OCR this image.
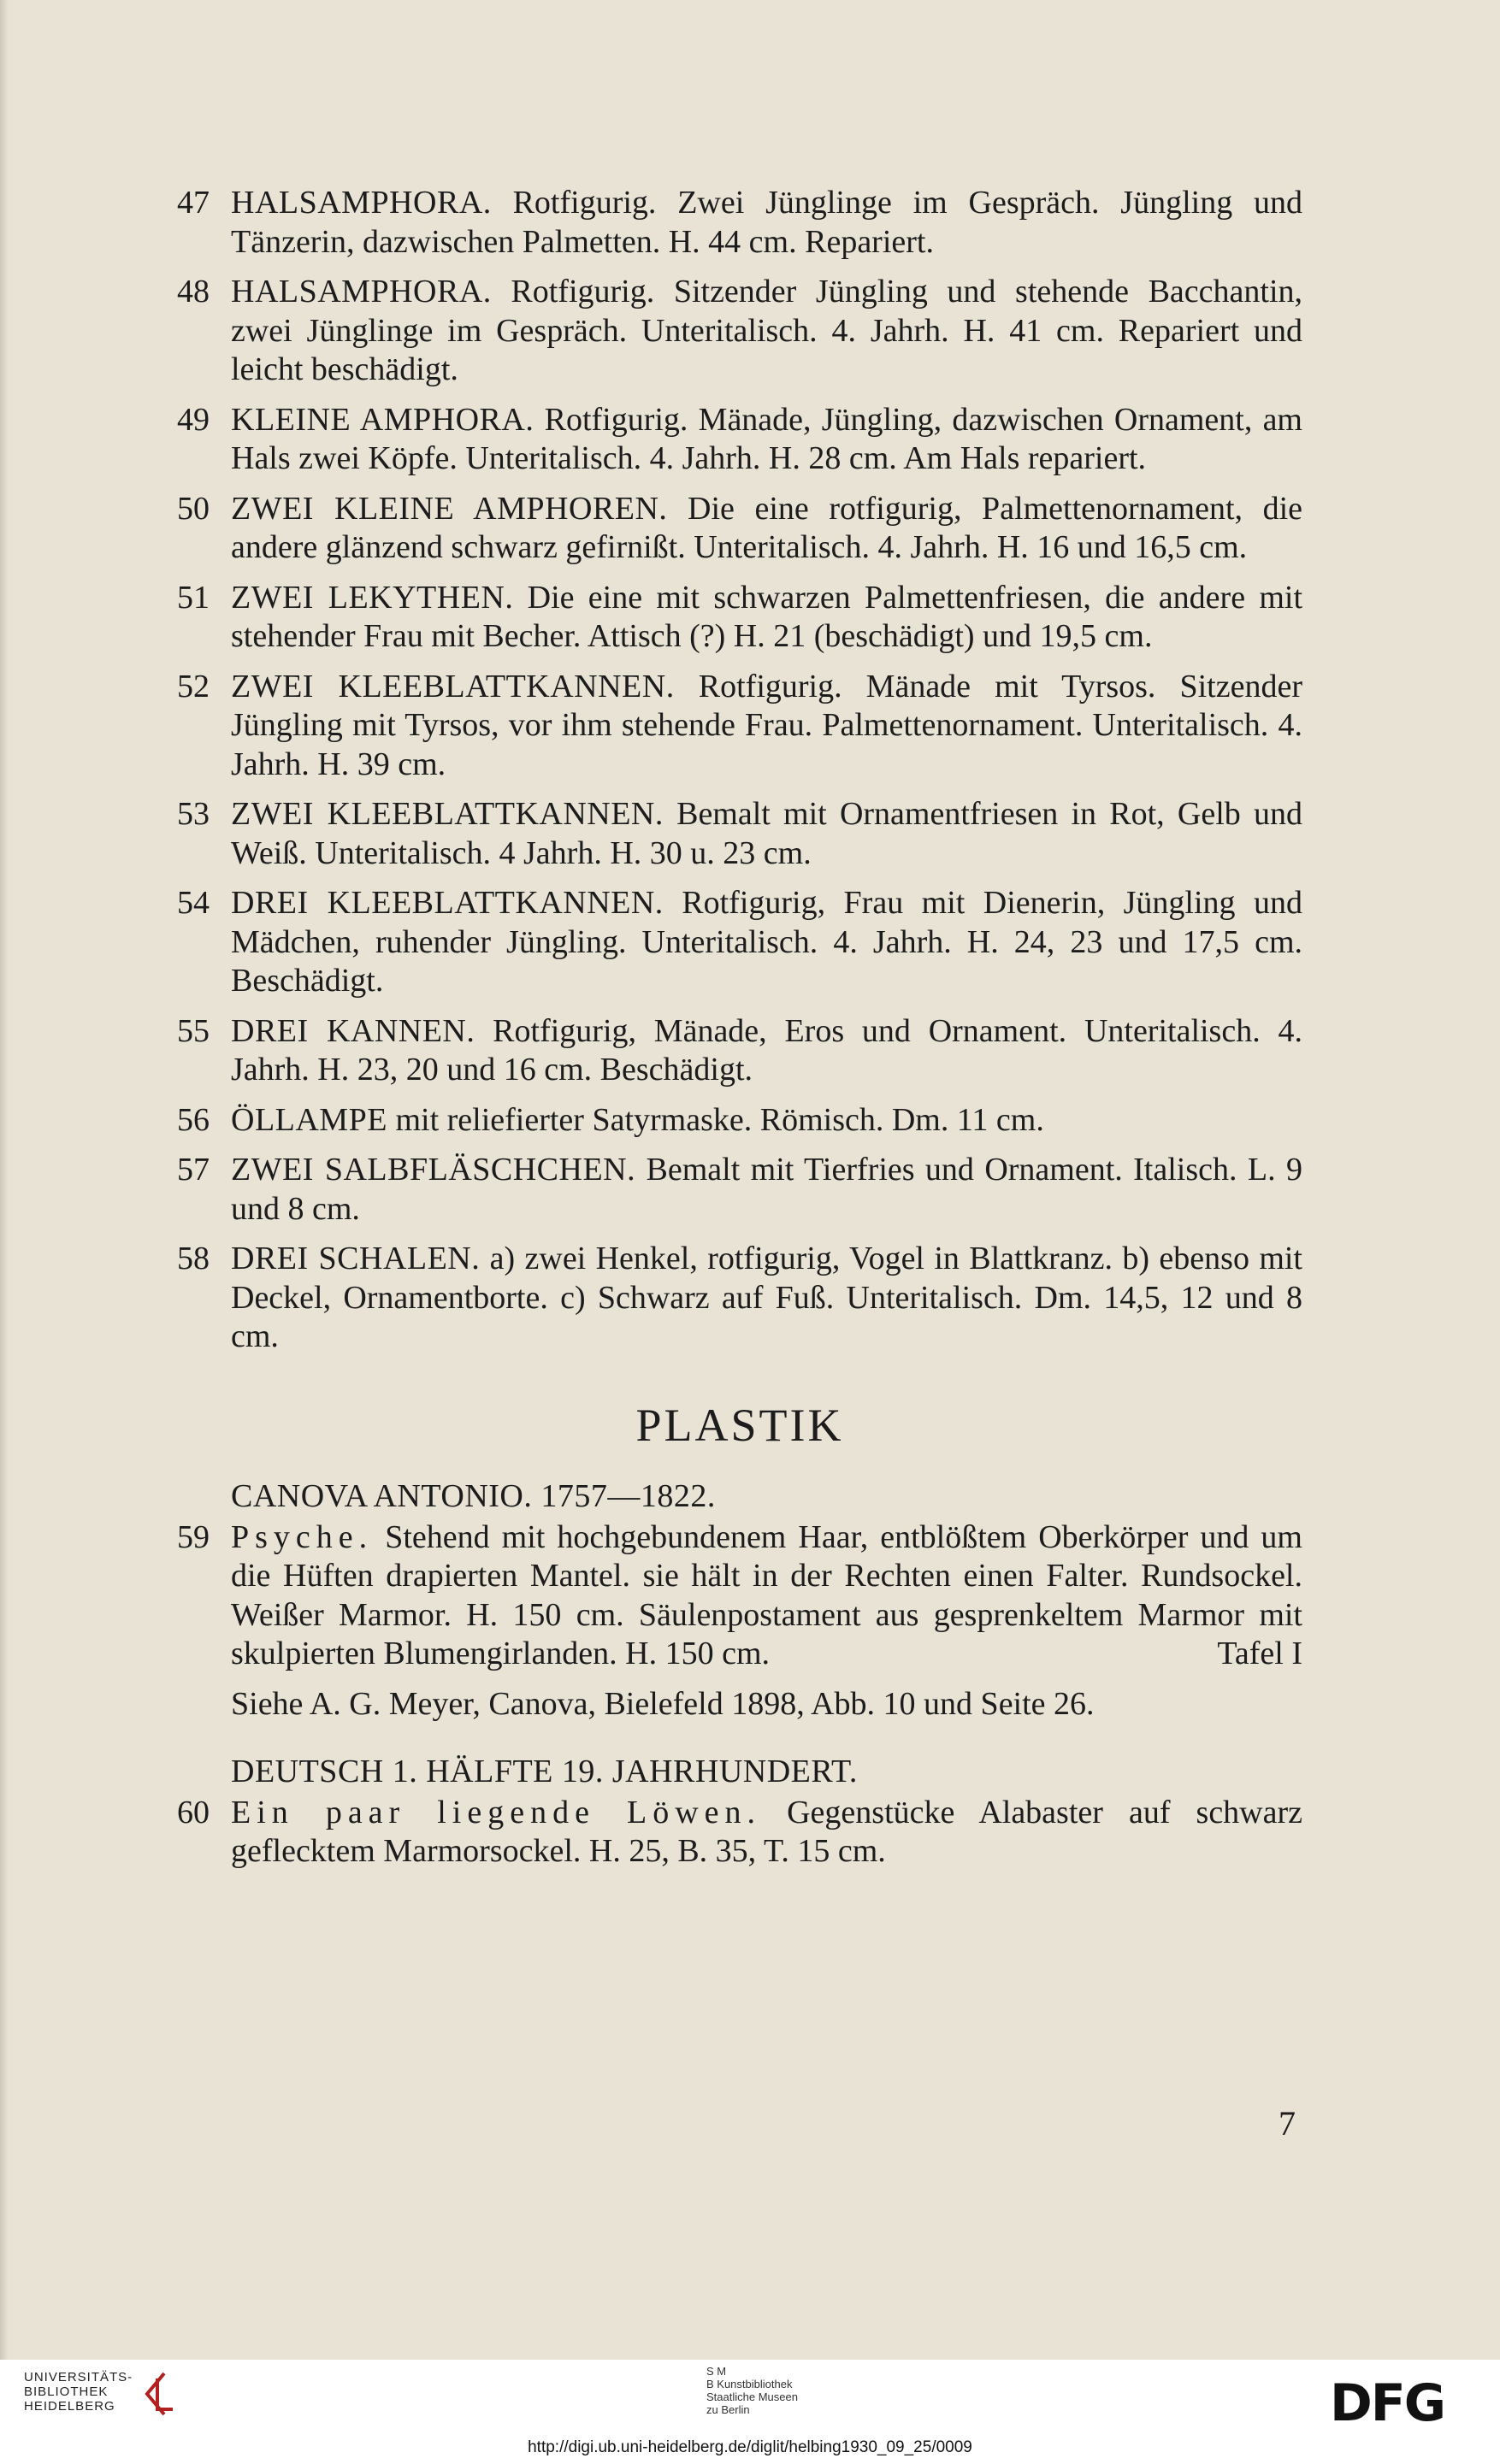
47 HALSAMPHORA. Rotfigurig. Zwei Jünglinge im Gespräch. Jüngling und Tänzerin, dazwischen Palmetten. H. 44 cm. Repariert.
48 HALSAMPHORA. Rotfigurig. Sitzender Jüngling und stehende Bacchantin, zwei Jünglinge im Gespräch. Unteritalisch. 4. Jahrh. H. 41 cm. Repariert und leicht beschädigt.
49 KLEINE AMPHORA. Rotfigurig. Mänade, Jüngling, dazwischen Ornament, am Hals zwei Köpfe. Unteritalisch. 4. Jahrh. H. 28 cm. Am Hals repariert.
50 ZWEI KLEINE AMPHOREN. Die eine rotfigurig, Palmettenornament, die andere glänzend schwarz gefirnißt. Unteritalisch. 4. Jahrh. H. 16 und 16,5 cm.
51 ZWEI LEKYTHEN. Die eine mit schwarzen Palmettenfriesen, die andere mit stehender Frau mit Becher. Attisch (?) H. 21 (beschädigt) und 19,5 cm.
52 ZWEI KLEEBLATTKANNEN. Rotfigurig. Mänade mit Tyrsos. Sitzender Jüngling mit Tyrsos, vor ihm stehende Frau. Palmettenornament. Unteritalisch. 4. Jahrh. H. 39 cm.
53 ZWEI KLEEBLATTKANNEN. Bemalt mit Ornamentfriesen in Rot, Gelb und Weiß. Unteritalisch. 4 Jahrh. H. 30 u. 23 cm.
54 DREI KLEEBLATTKANNEN. Rotfigurig, Frau mit Dienerin, Jüngling und Mädchen, ruhender Jüngling. Unteritalisch. 4. Jahrh. H. 24, 23 und 17,5 cm. Beschädigt.
55 DREI KANNEN. Rotfigurig, Mänade, Eros und Ornament. Unteritalisch. 4. Jahrh. H. 23, 20 und 16 cm. Beschädigt.
56 ÖLLAMPE mit reliefierter Satyrmaske. Römisch. Dm. 11 cm.
57 ZWEI SALBFLÄSCHCHEN. Bemalt mit Tierfries und Ornament. Italisch. L. 9 und 8 cm.
58 DREI SCHALEN. a) zwei Henkel, rotfigurig, Vogel in Blattkranz. b) ebenso mit Deckel, Ornamentborte. c) Schwarz auf Fuß. Unteritalisch. Dm. 14,5, 12 und 8 cm.
PLASTIK
CANOVA ANTONIO. 1757—1822.
59 Psyche. Stehend mit hochgebundenem Haar, entblößtem Oberkörper und um die Hüften drapierten Mantel. sie hält in der Rechten einen Falter. Rundsockel. Weißer Marmor. H. 150 cm. Säulenpostament aus gesprenkeltem Marmor mit skulpierten Blumengirlanden. H. 150 cm.	Tafel I
Siehe A. G. Meyer, Canova, Bielefeld 1898, Abb. 10 und Seite 26.
DEUTSCH 1. HÄLFTE 19. JAHRHUNDERT.
60 Ein paar liegende Löwen. Gegenstücke Alabaster auf schwarz geflecktem Marmorsockel. H. 25, B. 35, T. 15 cm.
7
UNIVERSITÄTS-
BIBLIOTHEK
HEIDELBERG
S M
B Kunstbibliothek
Staatliche Museen
zu Berlin
http://digi.ub.uni-heidelberg.de/diglit/helbing1930_09_25/0009
DFG
